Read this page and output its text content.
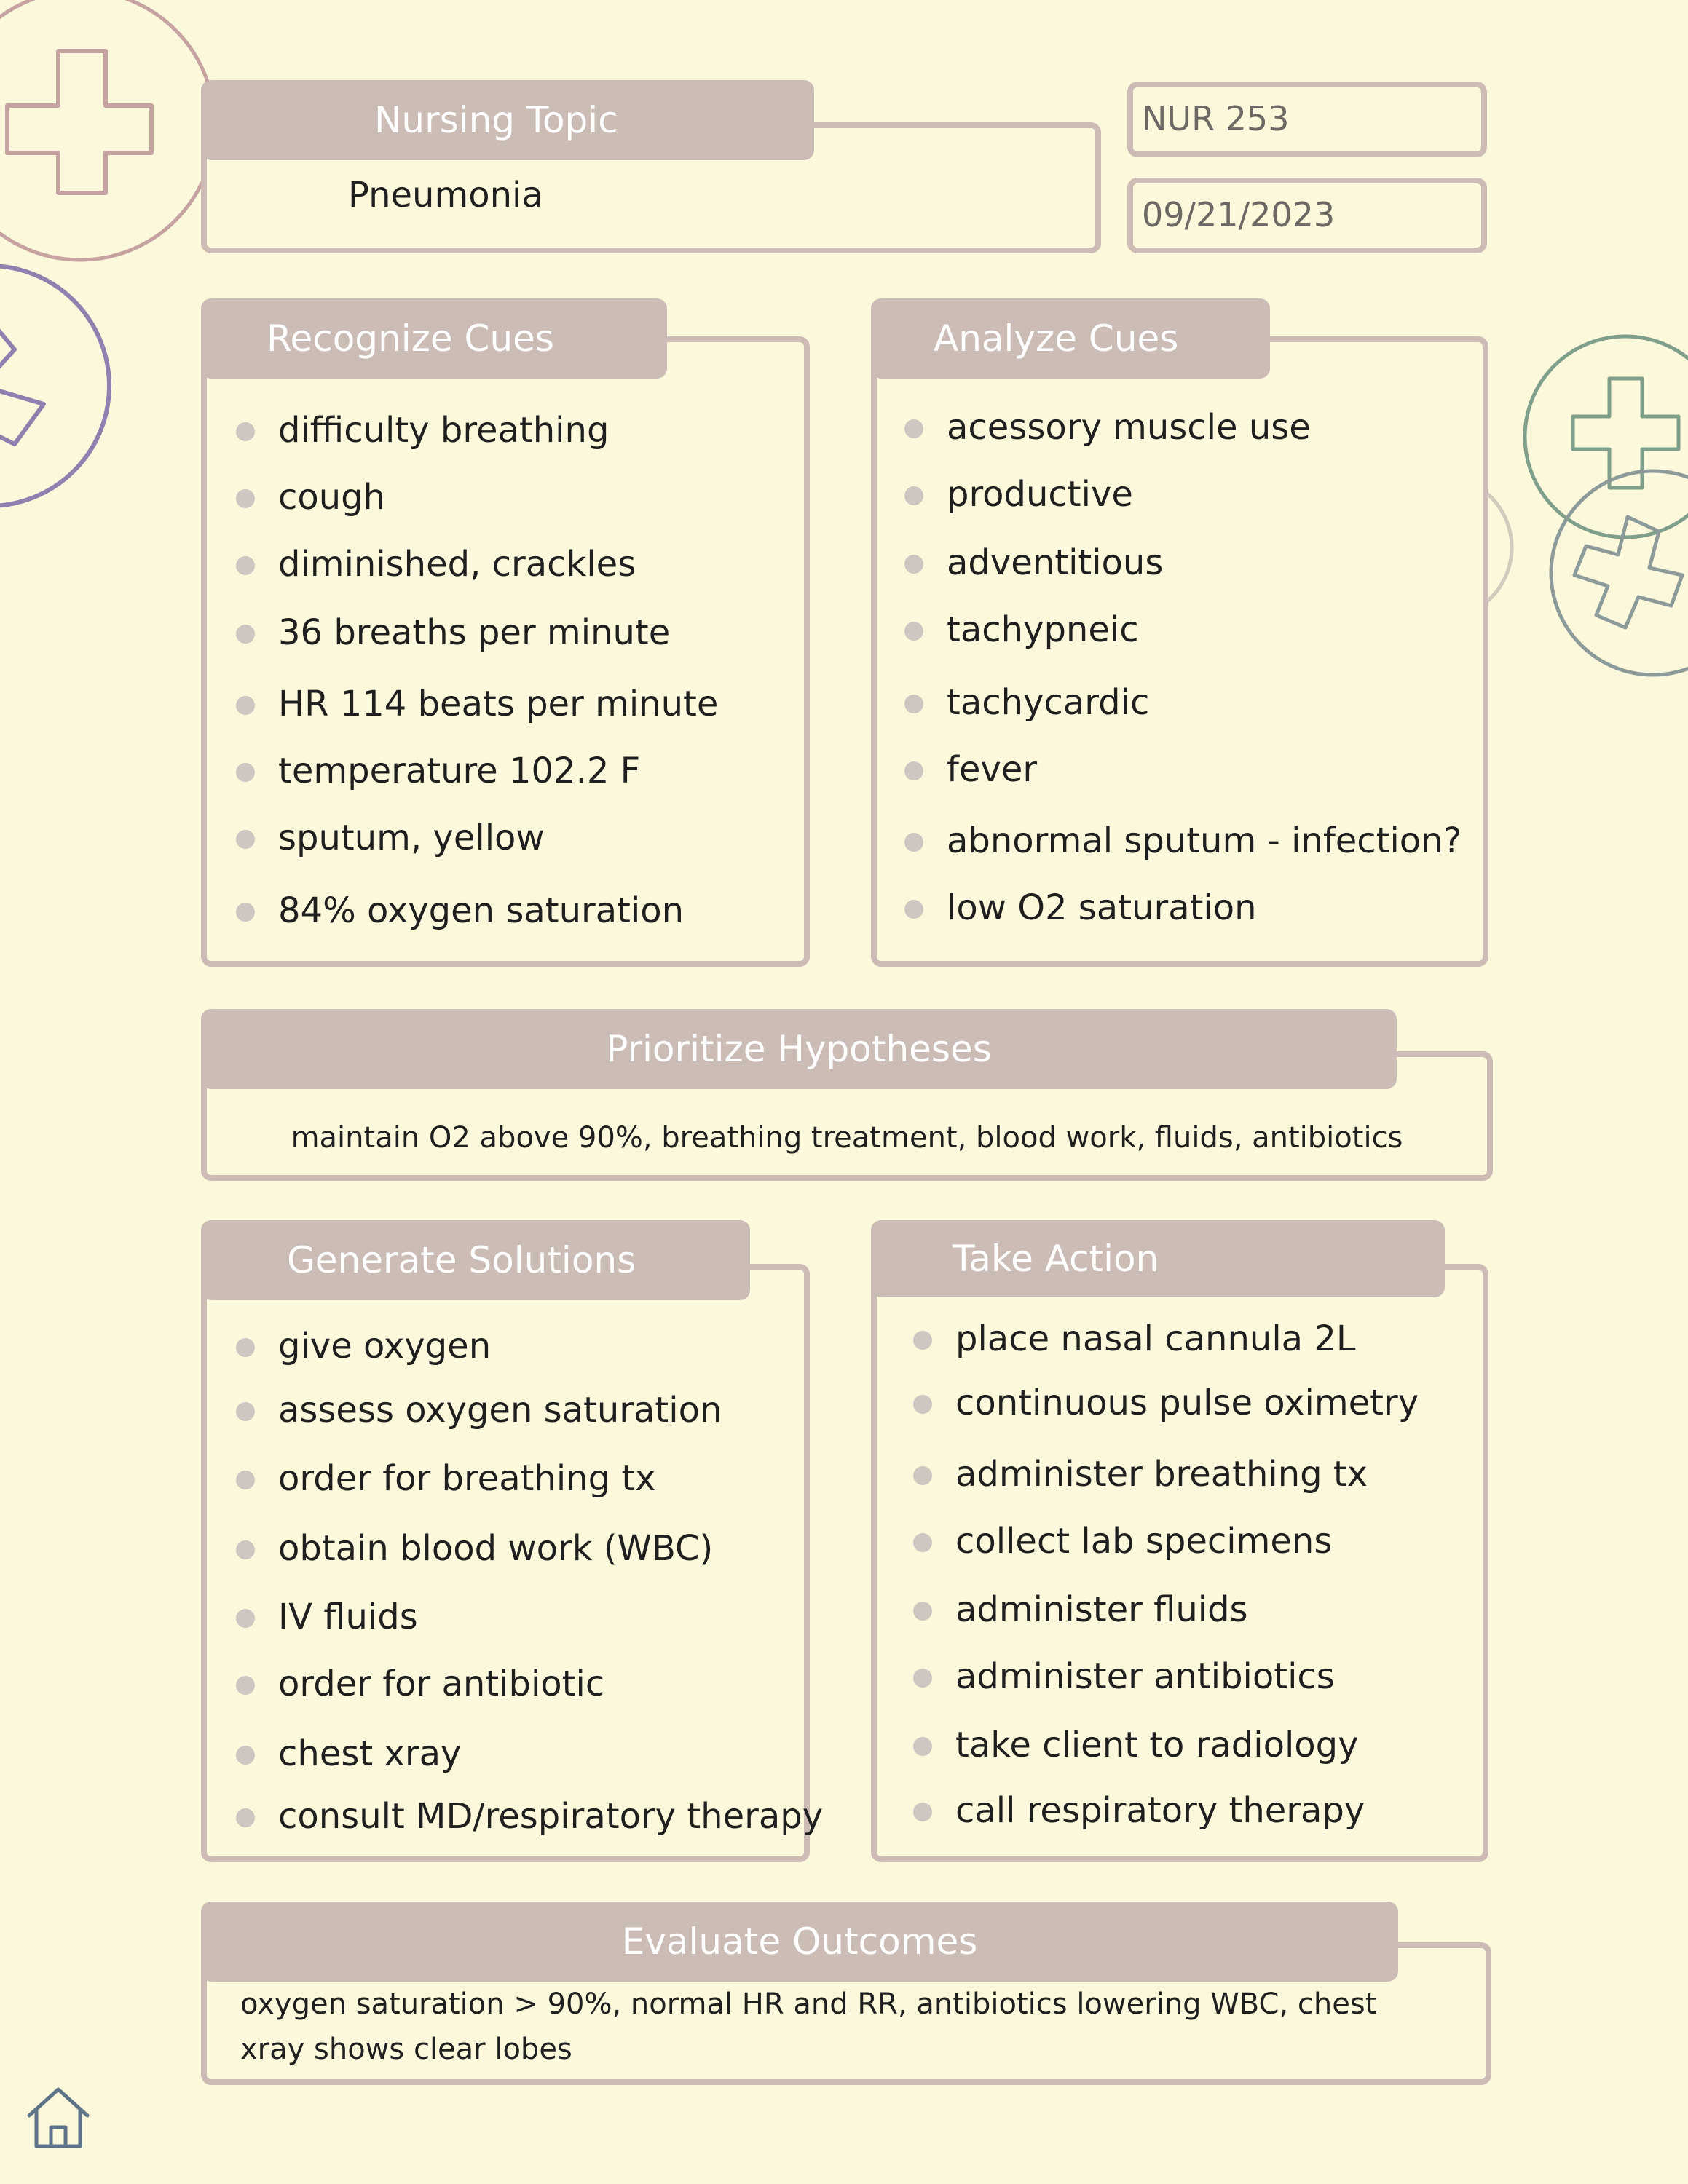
Nursing Topic
Pneumonia
NUR 253
09/21/2023
Recognize Cues
difficulty breathing
cough
diminished, crackles
36 breaths per minute
HR 114 beats per minute
temperature 102.2 F
sputum, yellow
84% oxygen saturation
Analyze Cues
acessory muscle use
productive
adventitious
tachypneic
tachycardic
fever
abnormal sputum - infection?
low O2 saturation
Prioritize Hypotheses
maintain O2 above 90%, breathing treatment, blood work, fluids, antibiotics
Generate Solutions
give oxygen
assess oxygen saturation
order for breathing tx
obtain blood work (WBC)
IV fluids
order for antibiotic
chest xray
consult MD/respiratory therapy
Take Action
place nasal cannula 2L
continuous pulse oximetry
administer breathing tx
collect lab specimens
administer fluids
administer antibiotics
take client to radiology
call respiratory therapy
Evaluate Outcomes
oxygen saturation > 90%, normal HR and RR, antibiotics lowering WBC, chest xray shows clear lobes
